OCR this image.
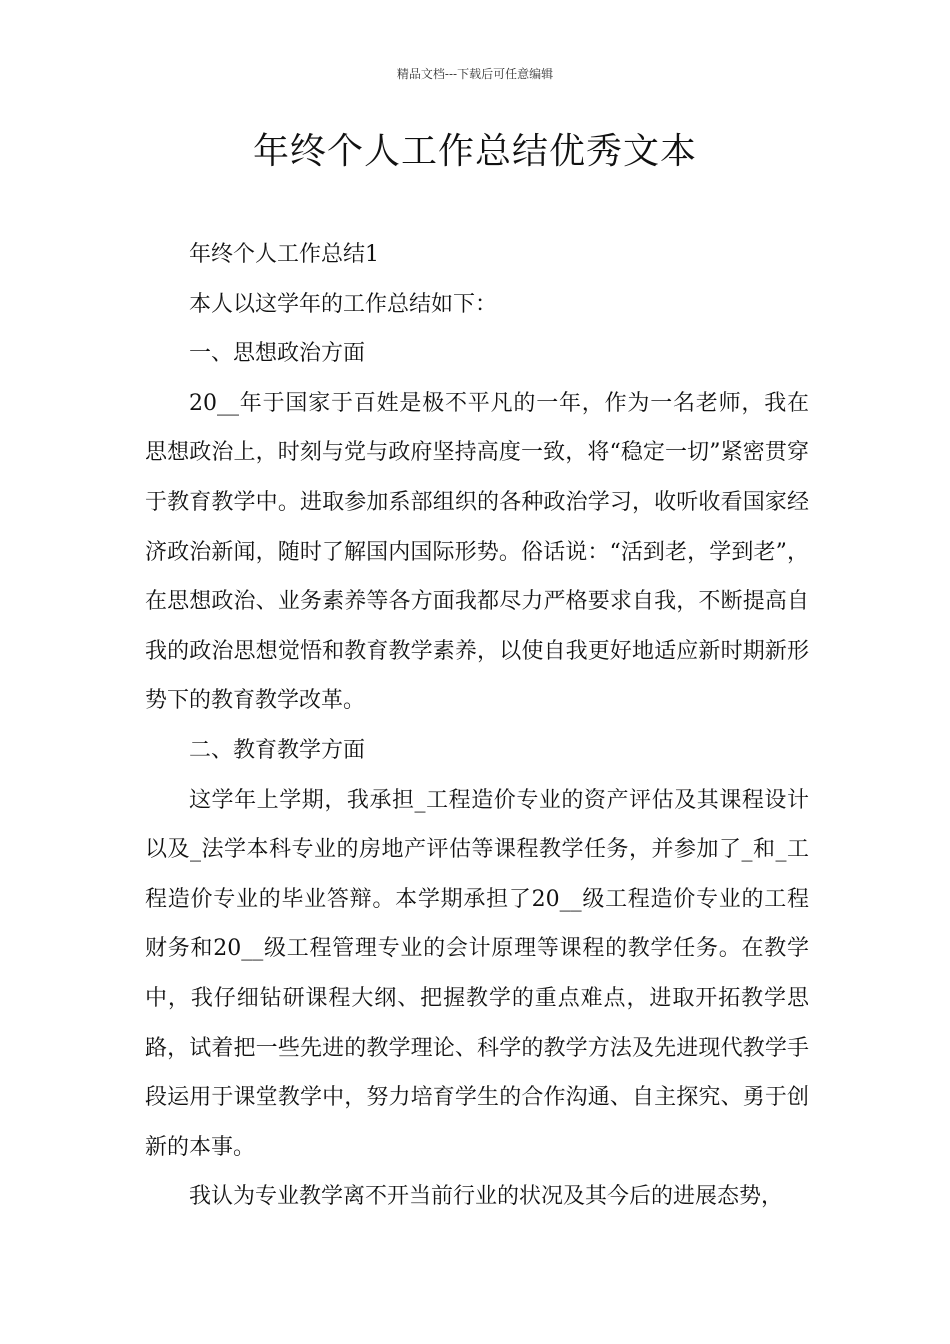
精品文档---下载后可任意编辑
年终个人工作总结优秀文本

年终个人工作总结1

本人以这学年的工作总结如下：

一、思想政治方面

20__年于国家于百姓是极不平凡的一年，作为一名老师，我在思想政治上，时刻与党与政府坚持高度一致，将“稳定一切”紧密贯穿于教育教学中。进取参加系部组织的各种政治学习，收听收看国家经济政治新闻，随时了解国内国际形势。俗话说：“活到老，学到老”，在思想政治、业务素养等各方面我都尽力严格要求自我，不断提高自我的政治思想觉悟和教育教学素养，以使自我更好地适应新时期新形势下的教育教学改革。

二、教育教学方面

这学年上学期，我承担_工程造价专业的资产评估及其课程设计以及_法学本科专业的房地产评估等课程教学任务，并参加了_和_工程造价专业的毕业答辩。本学期承担了20__级工程造价专业的工程财务和20__级工程管理专业的会计原理等课程的教学任务。在教学中，我仔细钻研课程大纲、把握教学的重点难点，进取开拓教学思路，试着把一些先进的教学理论、科学的教学方法及先进现代教学手段运用于课堂教学中，努力培育学生的合作沟通、自主探究、勇于创新的本事。

我认为专业教学离不开当前行业的状况及其今后的进展态势，
